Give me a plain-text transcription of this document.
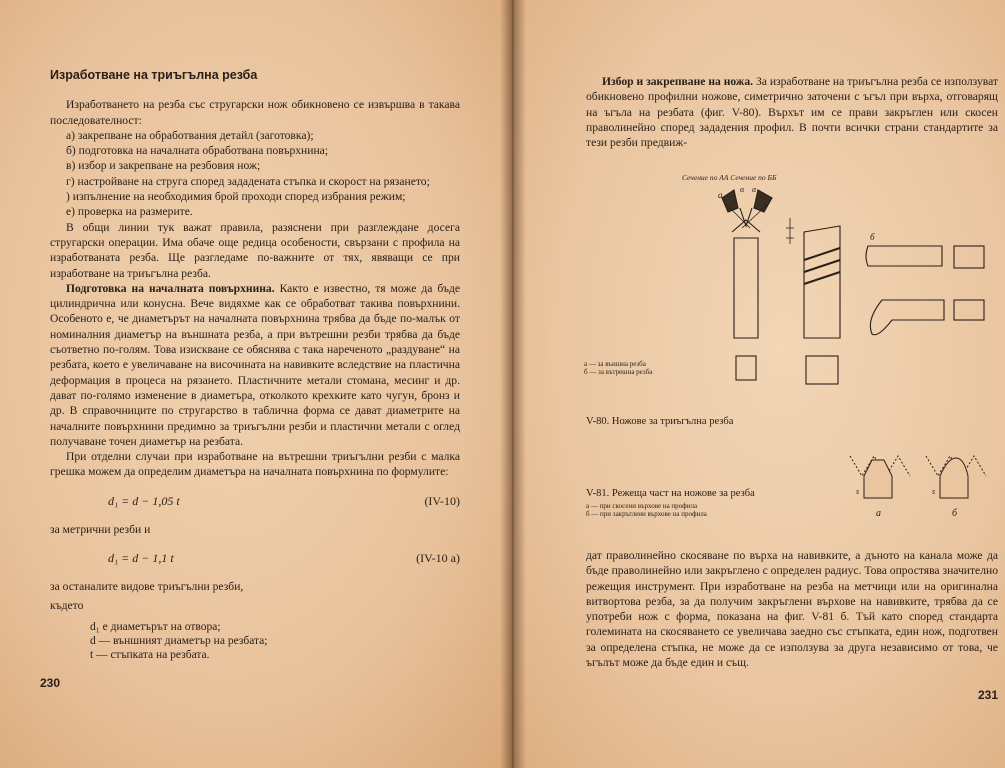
Изработване на триъгълна резба

Изработването на резба със стругарски нож обикновено се извършва в такава последователност:

а) закрепване на обработвания детайл (заготовка);

б) подготовка на началната обработвана повърхнина;

в) избор и закрепване на резбовия нож;

г) настройване на струга според зададената стъпка и скорост на рязането;

) изпълнение на необходимия брой проходи според избрания режим;

е) проверка на размерите.

В общи линии тук важат правила, разяснени при разглеждане досега стругарски операции. Има обаче още редица особености, свързани с профила на изработваната резба. Ще разгледаме по-важните от тях, явяващи се при изработване на триъгълна резба.

Подготовка на началната повърхнина. Както е известно, тя може да бъде цилиндрична или конусна. Вече видяхме как се обработват такива повърхнини. Особеното е, че диаметърът на началната повърхнина трябва да бъде по-малък от номиналния диаметър на външната резба, а при вътрешни резби трябва да бъде съответно по-голям. Това изискване се обяснява с така нареченото „раздуване“ на резбата, което е увеличаване на височината на навивките вследствие на пластична деформация в процеса на рязането. Пластичните метали стомана, месинг и др. дават по-голямо изменение в диаметъра, отколкото крехките като чугун, бронз и др. В справочниците по стругарство в таблична форма се дават диаметрите на началните повърхнини предимно за триъгълни резби и пластични метали с оглед получаване точен диаметър на резбата.

При отделни случаи при изработване на вътрешни триъгълни резби с малка грешка можем да определим диаметъра на началната повърхнина по формулите:

d₁ = d − 1,05 t	(IV-10)

за метрични резби и

d₁ = d − 1,1 t	(IV-10 а)

за останалите видове триъгълни резби,

където

d₁ е диаметърът на отвора;
d — външният диаметър на резбата;
t — стъпката на резбата.
230

Избор и закрепване на ножа. За изработване на триъгълна резба се използуват обикновено профилни ножове, симетрично заточени с ъгъл при върха, отговарящ на ъгъла на резбата (фиг. V-80). Върхът им се прави закръглен или скосен праволинейно според зададения профил. В почти всички страни стандартите за тези резби предвиж-

Сечение по АА Сечение по ББ
а
α α
б
а — за външна резба
б — за вътрешна резба
V-80. Ножове за триъгълна резба
s	s
а	б
V-81. Режеща част на ножове за резба
а — при скосени върхове на профила
б — при закръглени върхове на профила
дат праволинейно скосяване по върха на навивките, а дъното на канала може да бъде праволинейно или закръглено с определен радиус. Това опростява значително режещия инструмент. При изработване на резба на метчици или на оригинална витвортова резба, за да получим закръглени върхове на навивките, трябва да се употреби нож с форма, показана на фиг. V-81 б. Тъй като според стандарта големината на скосяването се увеличава заедно със стъпката, един нож, подготвен за определена стъпка, не може да се използува за друга независимо от това, че ъгълът може да бъде един и същ.
231
